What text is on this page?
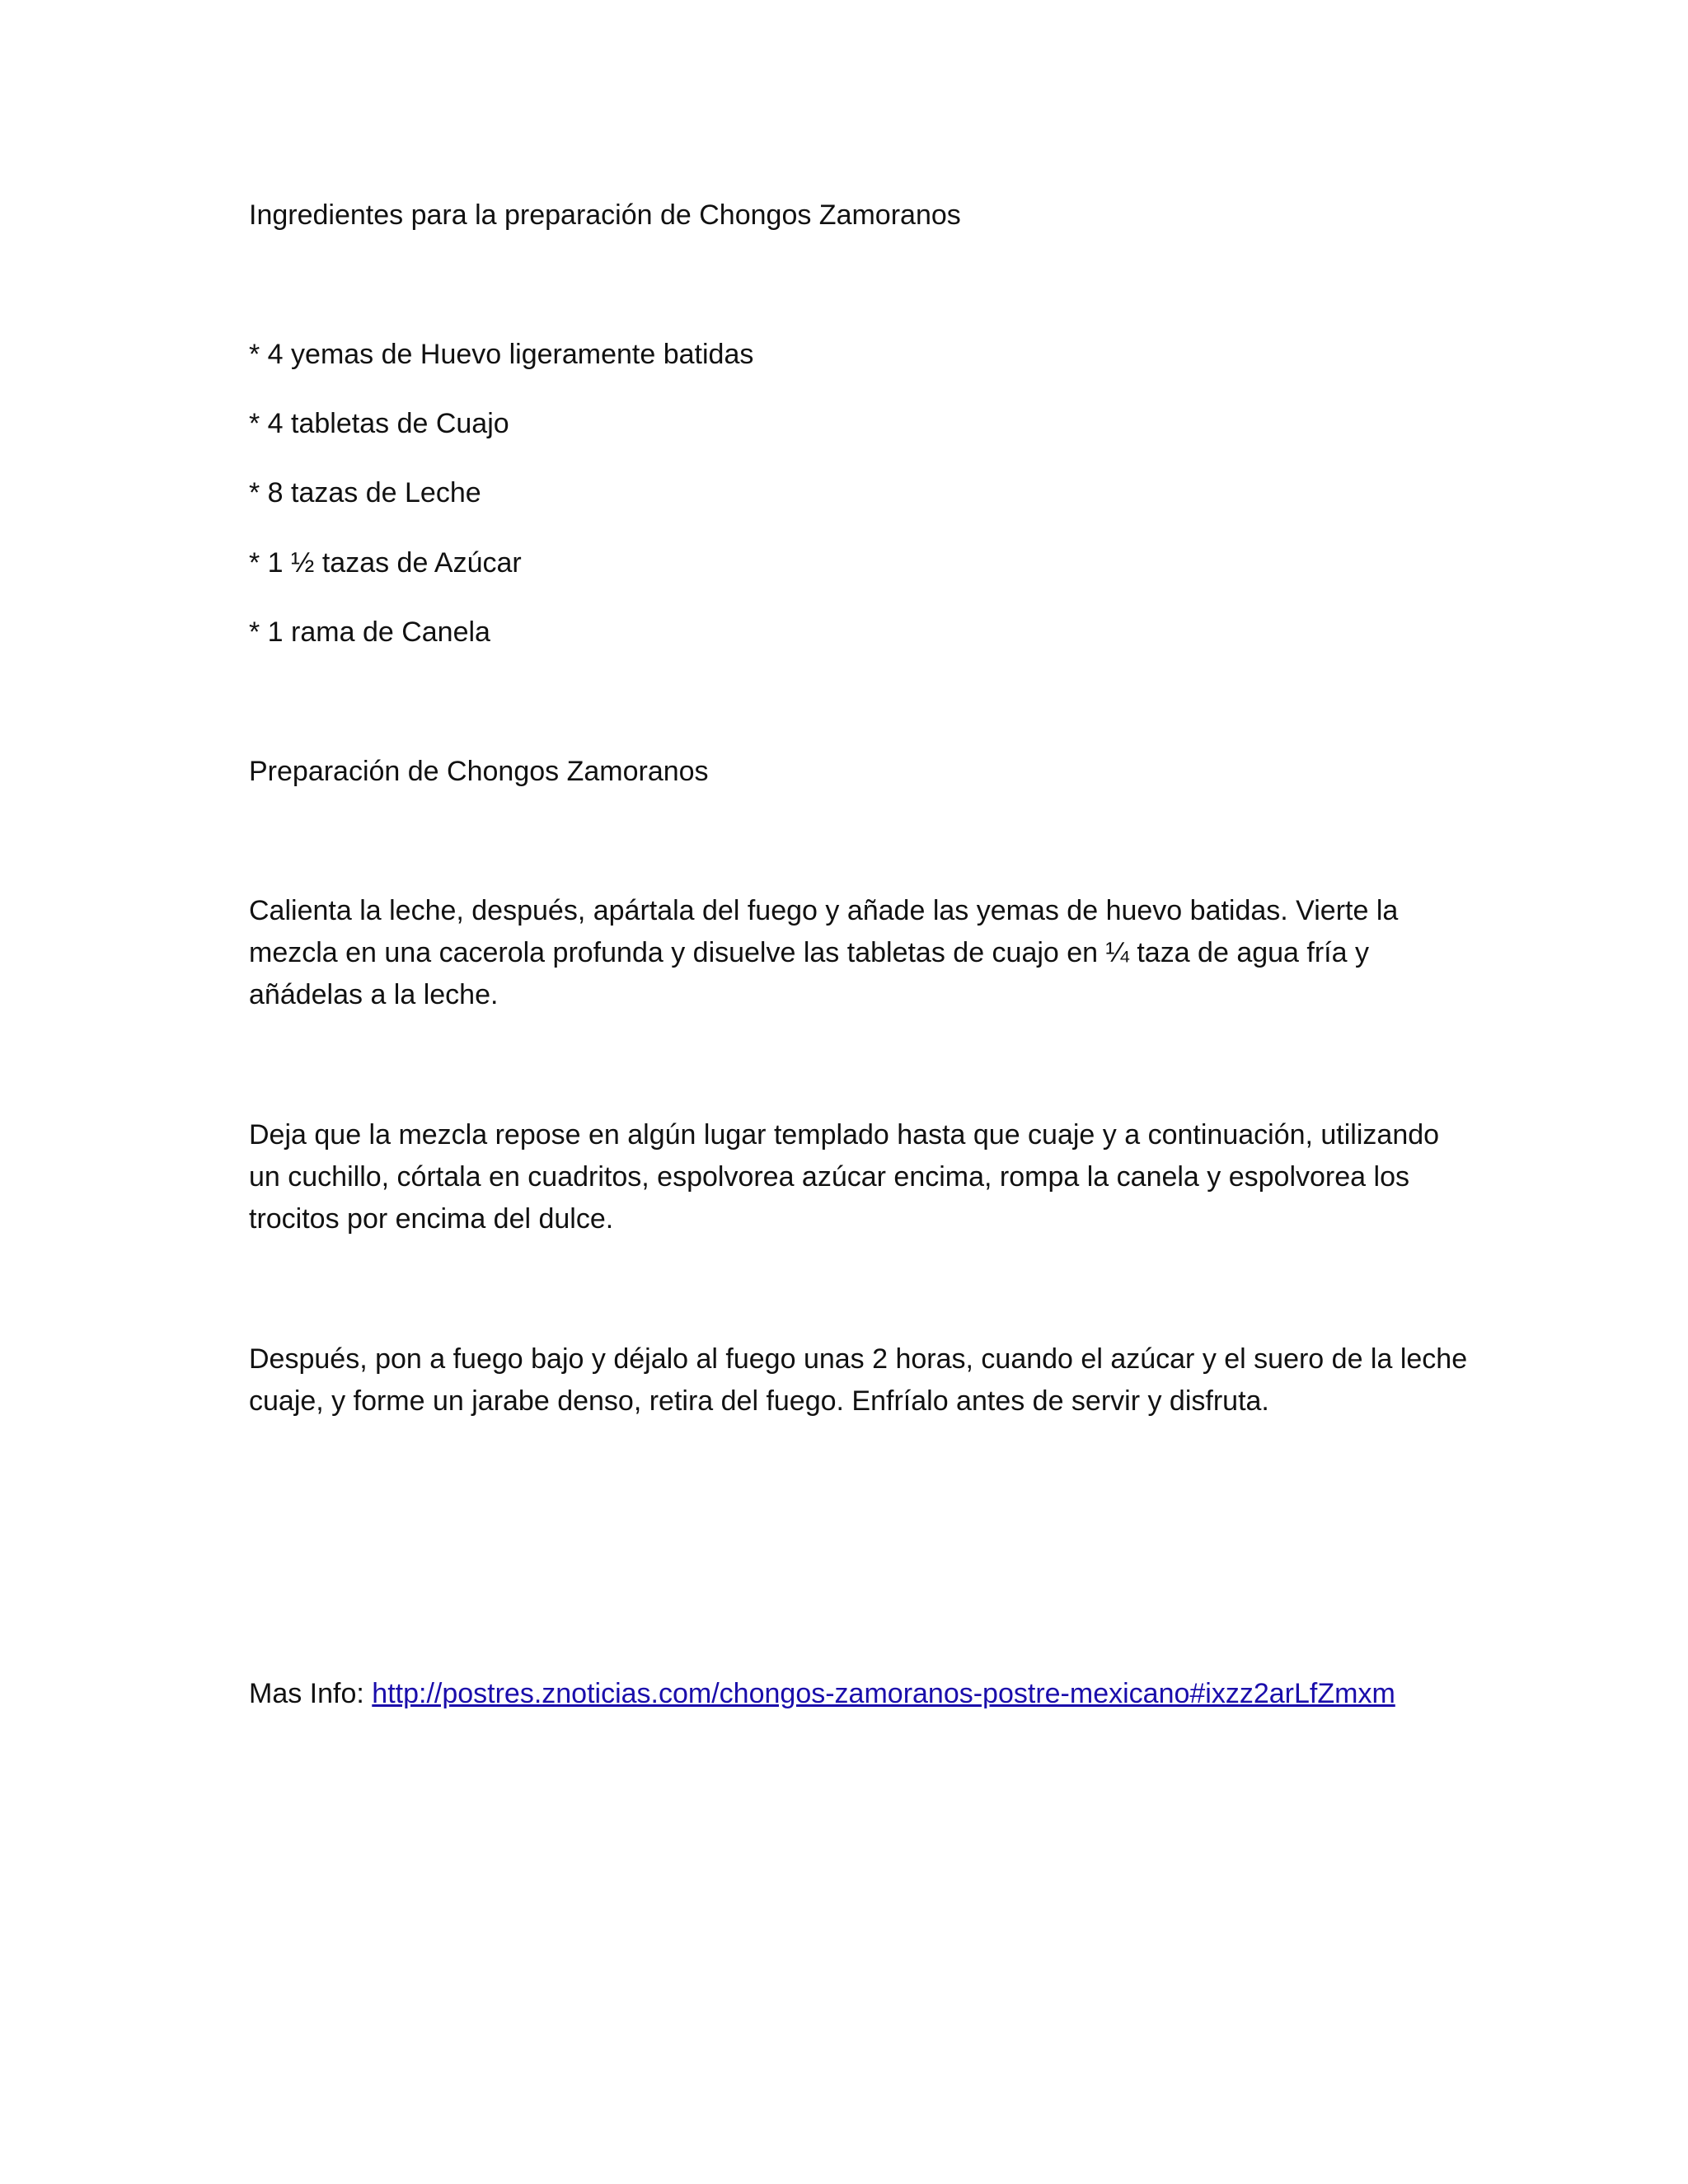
Ingredientes para la preparación de Chongos Zamoranos
* 4 yemas de Huevo ligeramente batidas
* 4 tabletas de Cuajo
* 8 tazas de Leche
* 1 ½ tazas de Azúcar
* 1 rama de Canela
Preparación de Chongos Zamoranos

Calienta la leche, después, apártala del fuego y añade las yemas de huevo batidas. Vierte la
mezcla en una cacerola profunda y disuelve las tabletas de cuajo en ¼ taza de agua fría y
añádelas a la leche.

Deja que la mezcla repose en algún lugar templado hasta que cuaje y a continuación, utilizando
un cuchillo, córtala en cuadritos, espolvorea azúcar encima, rompa la canela y espolvorea los
trocitos por encima del dulce.

Después, pon a fuego bajo y déjalo al fuego unas 2 horas, cuando el azúcar y el suero de la leche
cuaje, y forme un jarabe denso, retira del fuego. Enfríalo antes de servir y disfruta.

Mas Info: http://postres.znoticias.com/chongos-zamoranos-postre-mexicano#ixzz2arLfZmxm
